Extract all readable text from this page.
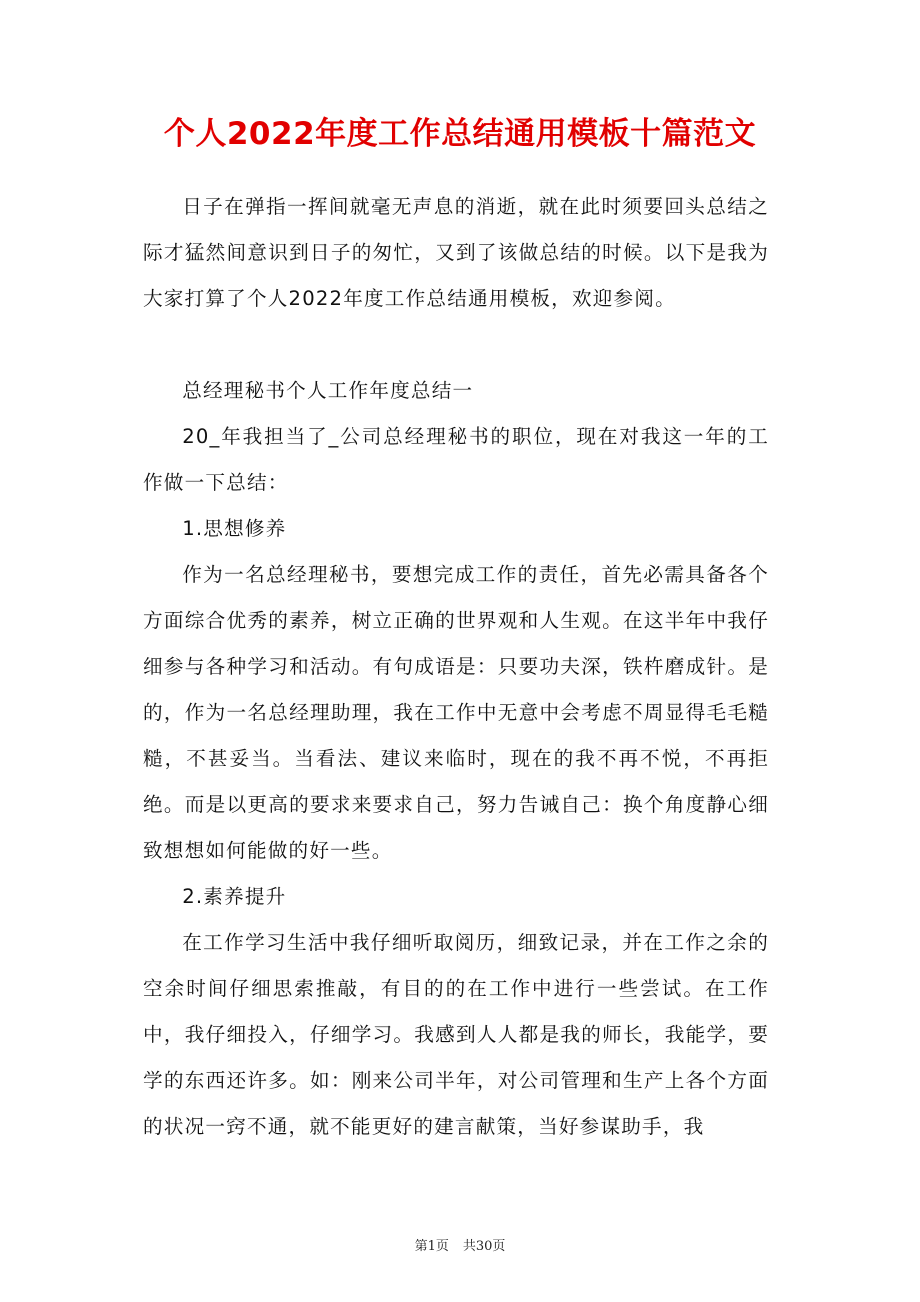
个人2022年度工作总结通用模板十篇范文

日子在弹指一挥间就毫无声息的消逝，就在此时须要回头总结之际才猛然间意识到日子的匆忙，又到了该做总结的时候。以下是我为大家打算了个人2022年度工作总结通用模板，欢迎参阅。

总经理秘书个人工作年度总结一

20_年我担当了_公司总经理秘书的职位，现在对我这一年的工作做一下总结：

1.思想修养

作为一名总经理秘书，要想完成工作的责任，首先必需具备各个方面综合优秀的素养，树立正确的世界观和人生观。在这半年中我仔细参与各种学习和活动。有句成语是：只要功夫深，铁杵磨成针。是的，作为一名总经理助理，我在工作中无意中会考虑不周显得毛毛糙糙，不甚妥当。当看法、建议来临时，现在的我不再不悦，不再拒绝。而是以更高的要求来要求自己，努力告诫自己：换个角度静心细致想想如何能做的好一些。

2.素养提升

在工作学习生活中我仔细听取阅历，细致记录，并在工作之余的空余时间仔细思索推敲，有目的的在工作中进行一些尝试。在工作中，我仔细投入，仔细学习。我感到人人都是我的师长，我能学，要学的东西还许多。如：刚来公司半年，对公司管理和生产上各个方面的状况一窍不通，就不能更好的建言献策，当好参谋助手，我

第1页 共30页
